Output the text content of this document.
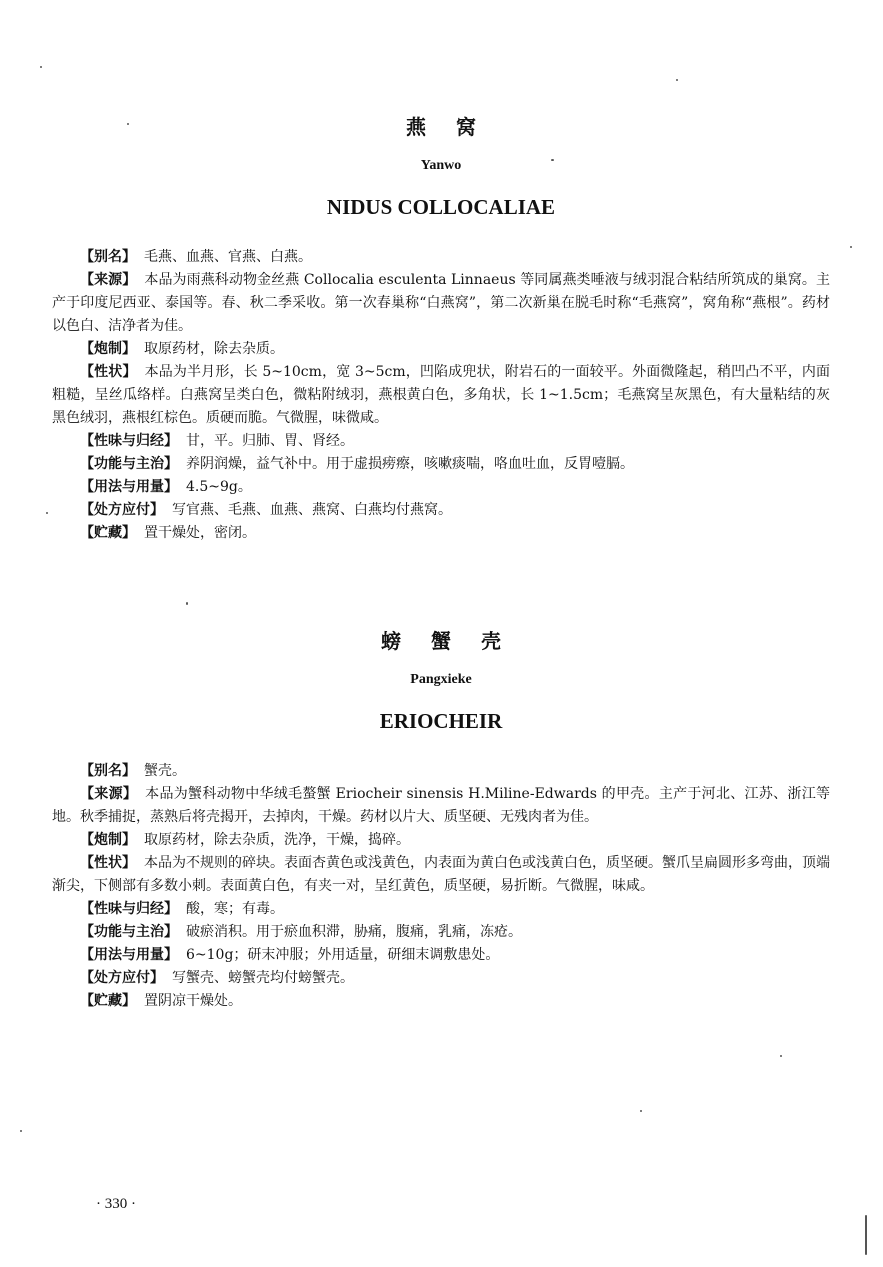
燕窝
Yanwo
NIDUS COLLOCALIAE

【别名】 毛燕、血燕、官燕、白燕。

【来源】 本品为雨燕科动物金丝燕 Collocalia esculenta Linnaeus 等同属燕类唾液与绒羽混合粘结所筑成的巢窝。主产于印度尼西亚、泰国等。春、秋二季采收。第一次春巢称“白燕窝”，第二次新巢在脱毛时称“毛燕窝”，窝角称“燕根”。药材以色白、洁净者为佳。

【炮制】 取原药材，除去杂质。

【性状】 本品为半月形，长 5~10cm，宽 3~5cm，凹陷成兜状，附岩石的一面较平。外面微隆起，稍凹凸不平，内面粗糙，呈丝瓜络样。白燕窝呈类白色，微粘附绒羽，燕根黄白色，多角状，长 1~1.5cm；毛燕窝呈灰黑色，有大量粘结的灰黑色绒羽，燕根红棕色。质硬而脆。气微腥，味微咸。

【性味与归经】 甘，平。归肺、胃、肾经。

【功能与主治】 养阴润燥，益气补中。用于虚损痨瘵，咳嗽痰喘，咯血吐血，反胃噎膈。

【用法与用量】 4.5~9g。

【处方应付】 写官燕、毛燕、血燕、燕窝、白燕均付燕窝。

【贮藏】 置干燥处，密闭。

螃蟹壳
Pangxieke
ERIOCHEIR

【别名】 蟹壳。

【来源】 本品为蟹科动物中华绒毛螯蟹 Eriocheir sinensis H.Miline-Edwards 的甲壳。主产于河北、江苏、浙江等地。秋季捕捉，蒸熟后将壳揭开，去掉肉，干燥。药材以片大、质坚硬、无残肉者为佳。

【炮制】 取原药材，除去杂质，洗净，干燥，捣碎。

【性状】 本品为不规则的碎块。表面杏黄色或浅黄色，内表面为黄白色或浅黄白色，质坚硬。蟹爪呈扁圆形多弯曲，顶端渐尖，下侧部有多数小刺。表面黄白色，有夹一对，呈红黄色，质坚硬，易折断。气微腥，味咸。

【性味与归经】 酸，寒；有毒。

【功能与主治】 破瘀消积。用于瘀血积滞，胁痛，腹痛，乳痛，冻疮。

【用法与用量】 6~10g；研末冲服；外用适量，研细末调敷患处。

【处方应付】 写蟹壳、螃蟹壳均付螃蟹壳。

【贮藏】 置阴凉干燥处。

· 330 ·
